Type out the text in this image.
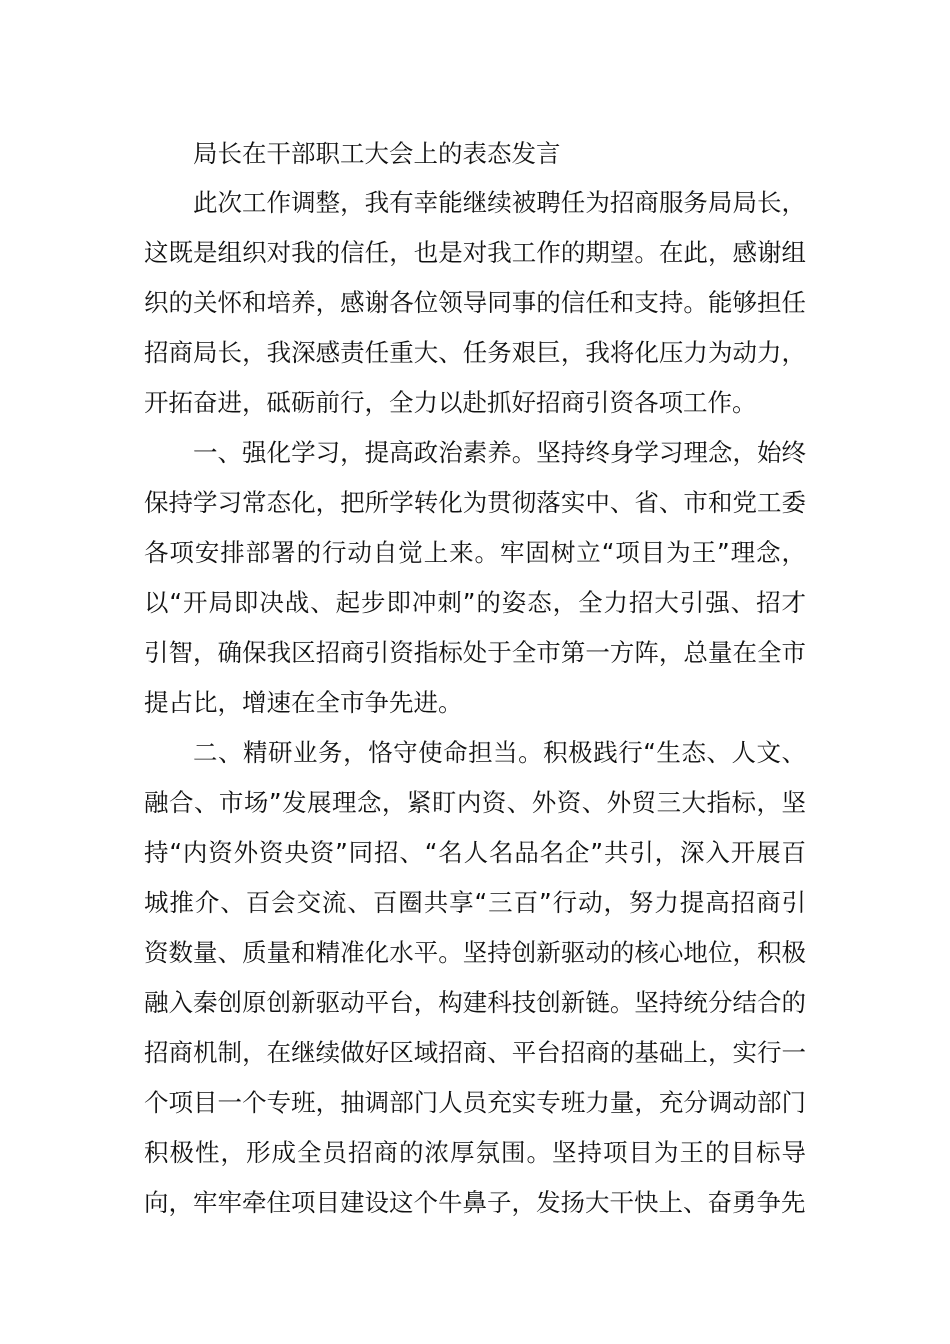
局长在干部职工大会上的表态发言

此次工作调整，我有幸能继续被聘任为招商服务局局长，这既是组织对我的信任，也是对我工作的期望。在此，感谢组织的关怀和培养，感谢各位领导同事的信任和支持。能够担任招商局长，我深感责任重大、任务艰巨，我将化压力为动力，开拓奋进，砥砺前行，全力以赴抓好招商引资各项工作。

一、强化学习，提高政治素养。坚持终身学习理念，始终保持学习常态化，把所学转化为贯彻落实中、省、市和党工委各项安排部署的行动自觉上来。牢固树立“项目为王”理念，以“开局即决战、起步即冲刺”的姿态，全力招大引强、招才引智，确保我区招商引资指标处于全市第一方阵，总量在全市提占比，增速在全市争先进。

二、精研业务，恪守使命担当。积极践行“生态、人文、融合、市场”发展理念，紧盯内资、外资、外贸三大指标，坚持“内资外资央资”同招、“名人名品名企”共引，深入开展百城推介、百会交流、百圈共享“三百”行动，努力提高招商引资数量、质量和精准化水平。坚持创新驱动的核心地位，积极融入秦创原创新驱动平台，构建科技创新链。坚持统分结合的招商机制，在继续做好区域招商、平台招商的基础上，实行一个项目一个专班，抽调部门人员充实专班力量，充分调动部门积极性，形成全员招商的浓厚氛围。坚持项目为王的目标导向，牢牢牵住项目建设这个牛鼻子，发扬大干快上、奋勇争先
